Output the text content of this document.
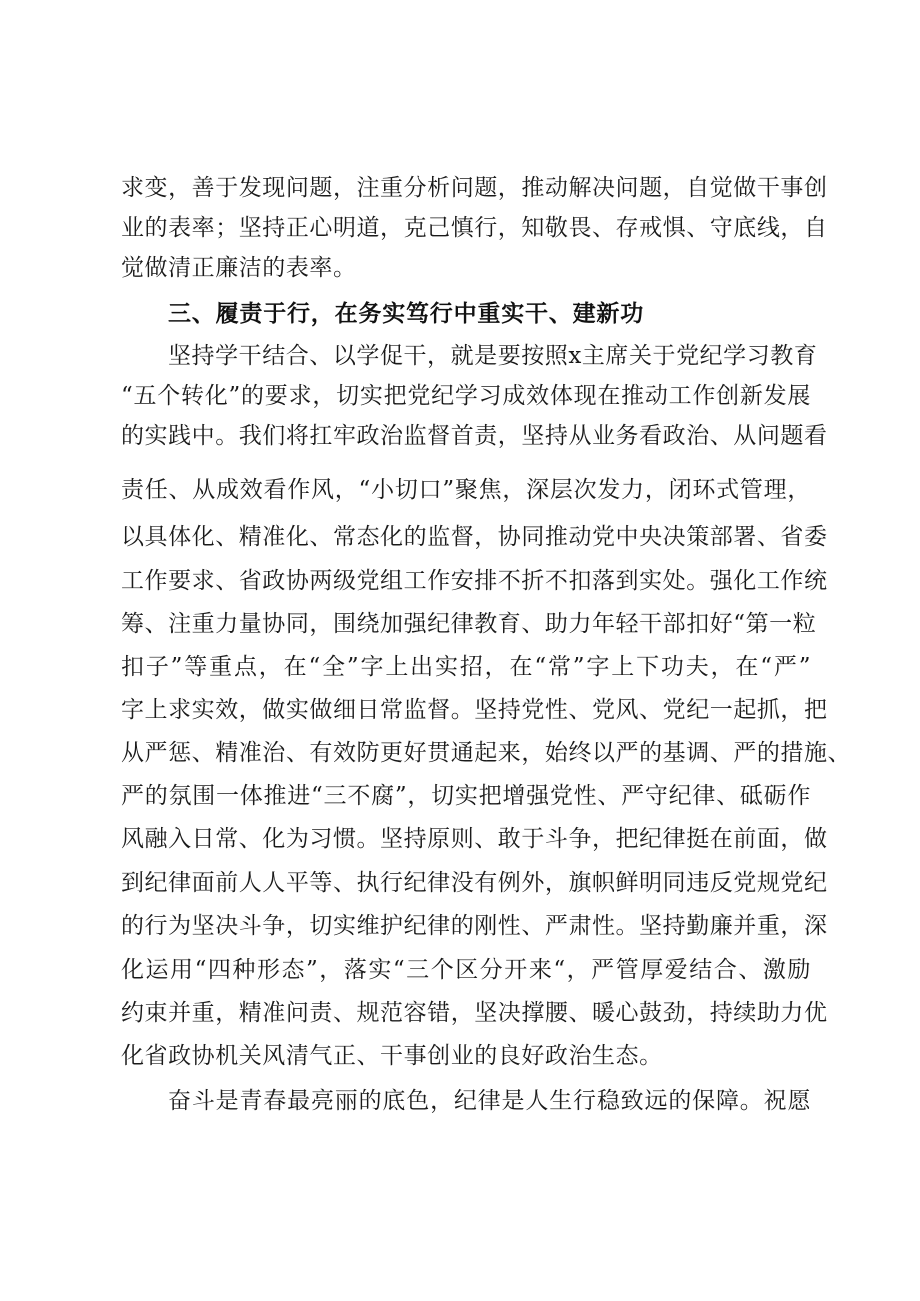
求变，善于发现问题，注重分析问题，推动解决问题，自觉做干事创

业的表率；坚持正心明道，克己慎行，知敬畏、存戒惧、守底线，自

觉做清正廉洁的表率。

三、履责于行，在务实笃行中重实干、建新功

坚持学干结合、以学促干，就是要按照x主席关于党纪学习教育

“五个转化”的要求，切实把党纪学习成效体现在推动工作创新发展

的实践中。我们将扛牢政治监督首责，坚持从业务看政治、从问题看

责任、从成效看作风，“小切口”聚焦，深层次发力，闭环式管理，

以具体化、精准化、常态化的监督，协同推动党中央决策部署、省委

工作要求、省政协两级党组工作安排不折不扣落到实处。强化工作统

筹、注重力量协同，围绕加强纪律教育、助力年轻干部扣好“第一粒

扣子”等重点，在“全”字上出实招，在“常”字上下功夫，在“严”

字上求实效，做实做细日常监督。坚持党性、党风、党纪一起抓，把

从严惩、精准治、有效防更好贯通起来，始终以严的基调、严的措施、

严的氛围一体推进“三不腐”，切实把增强党性、严守纪律、砥砺作

风融入日常、化为习惯。坚持原则、敢于斗争，把纪律挺在前面，做

到纪律面前人人平等、执行纪律没有例外，旗帜鲜明同违反党规党纪

的行为坚决斗争，切实维护纪律的刚性、严肃性。坚持勤廉并重，深

化运用“四种形态”，落实“三个区分开来“，严管厚爱结合、激励

约束并重，精准问责、规范容错，坚决撑腰、暖心鼓劲，持续助力优

化省政协机关风清气正、干事创业的良好政治生态。

奋斗是青春最亮丽的底色，纪律是人生行稳致远的保障。祝愿
